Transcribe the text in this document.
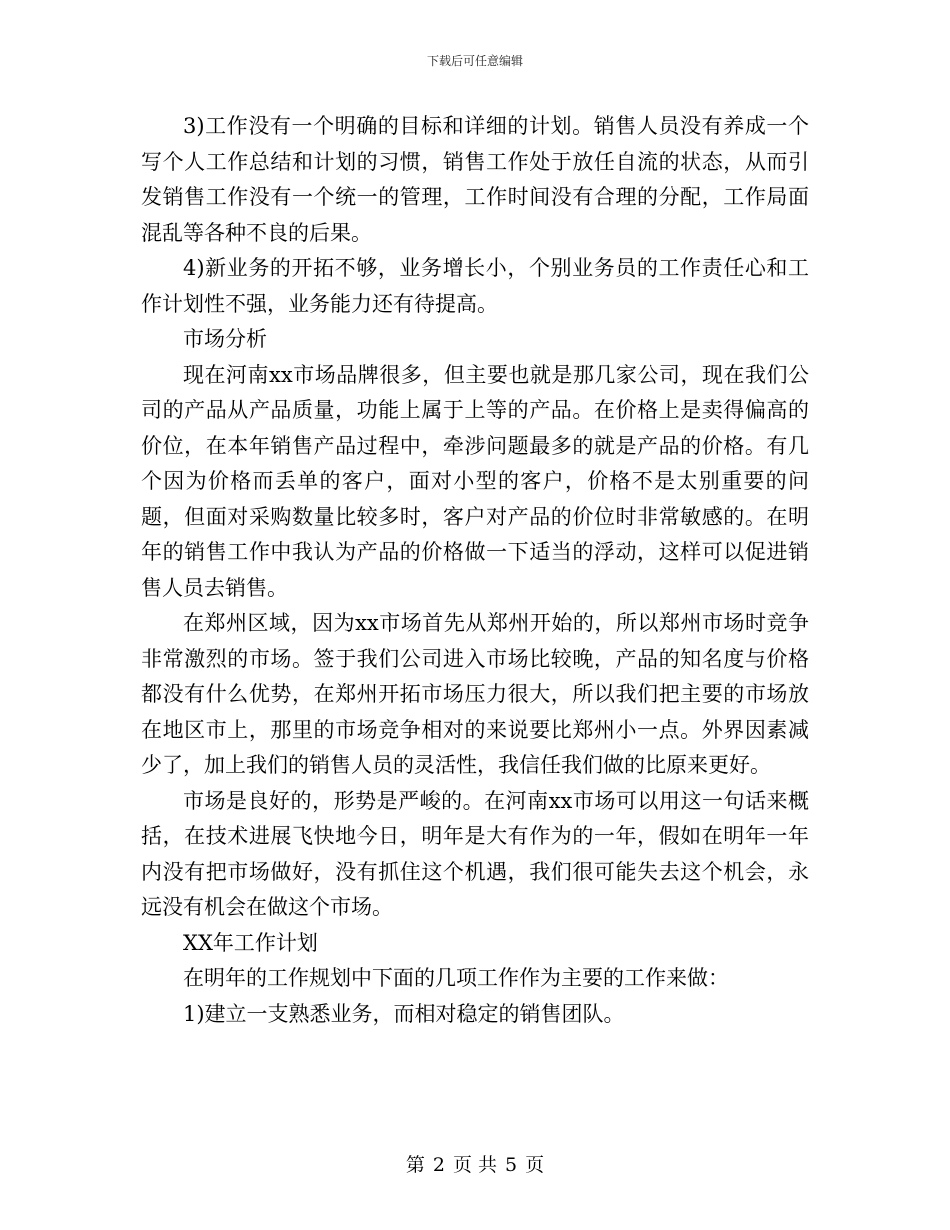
下载后可任意编辑

3)工作没有一个明确的目标和详细的计划。销售人员没有养成一个写个人工作总结和计划的习惯，销售工作处于放任自流的状态，从而引发销售工作没有一个统一的管理，工作时间没有合理的分配，工作局面混乱等各种不良的后果。

4)新业务的开拓不够，业务增长小，个别业务员的工作责任心和工作计划性不强，业务能力还有待提高。

市场分析

现在河南xx市场品牌很多，但主要也就是那几家公司，现在我们公司的产品从产品质量，功能上属于上等的产品。在价格上是卖得偏高的价位，在本年销售产品过程中，牵涉问题最多的就是产品的价格。有几个因为价格而丢单的客户，面对小型的客户，价格不是太别重要的问题，但面对采购数量比较多时，客户对产品的价位时非常敏感的。在明年的销售工作中我认为产品的价格做一下适当的浮动，这样可以促进销售人员去销售。

在郑州区域，因为xx市场首先从郑州开始的，所以郑州市场时竞争非常激烈的市场。签于我们公司进入市场比较晚，产品的知名度与价格都没有什么优势，在郑州开拓市场压力很大，所以我们把主要的市场放在地区市上，那里的市场竞争相对的来说要比郑州小一点。外界因素减少了，加上我们的销售人员的灵活性，我信任我们做的比原来更好。

市场是良好的，形势是严峻的。在河南xx市场可以用这一句话来概括，在技术进展飞快地今日，明年是大有作为的一年，假如在明年一年内没有把市场做好，没有抓住这个机遇，我们很可能失去这个机会，永远没有机会在做这个市场。

XX年工作计划

在明年的工作规划中下面的几项工作作为主要的工作来做：

1)建立一支熟悉业务，而相对稳定的销售团队。

第 2 页 共 5 页
